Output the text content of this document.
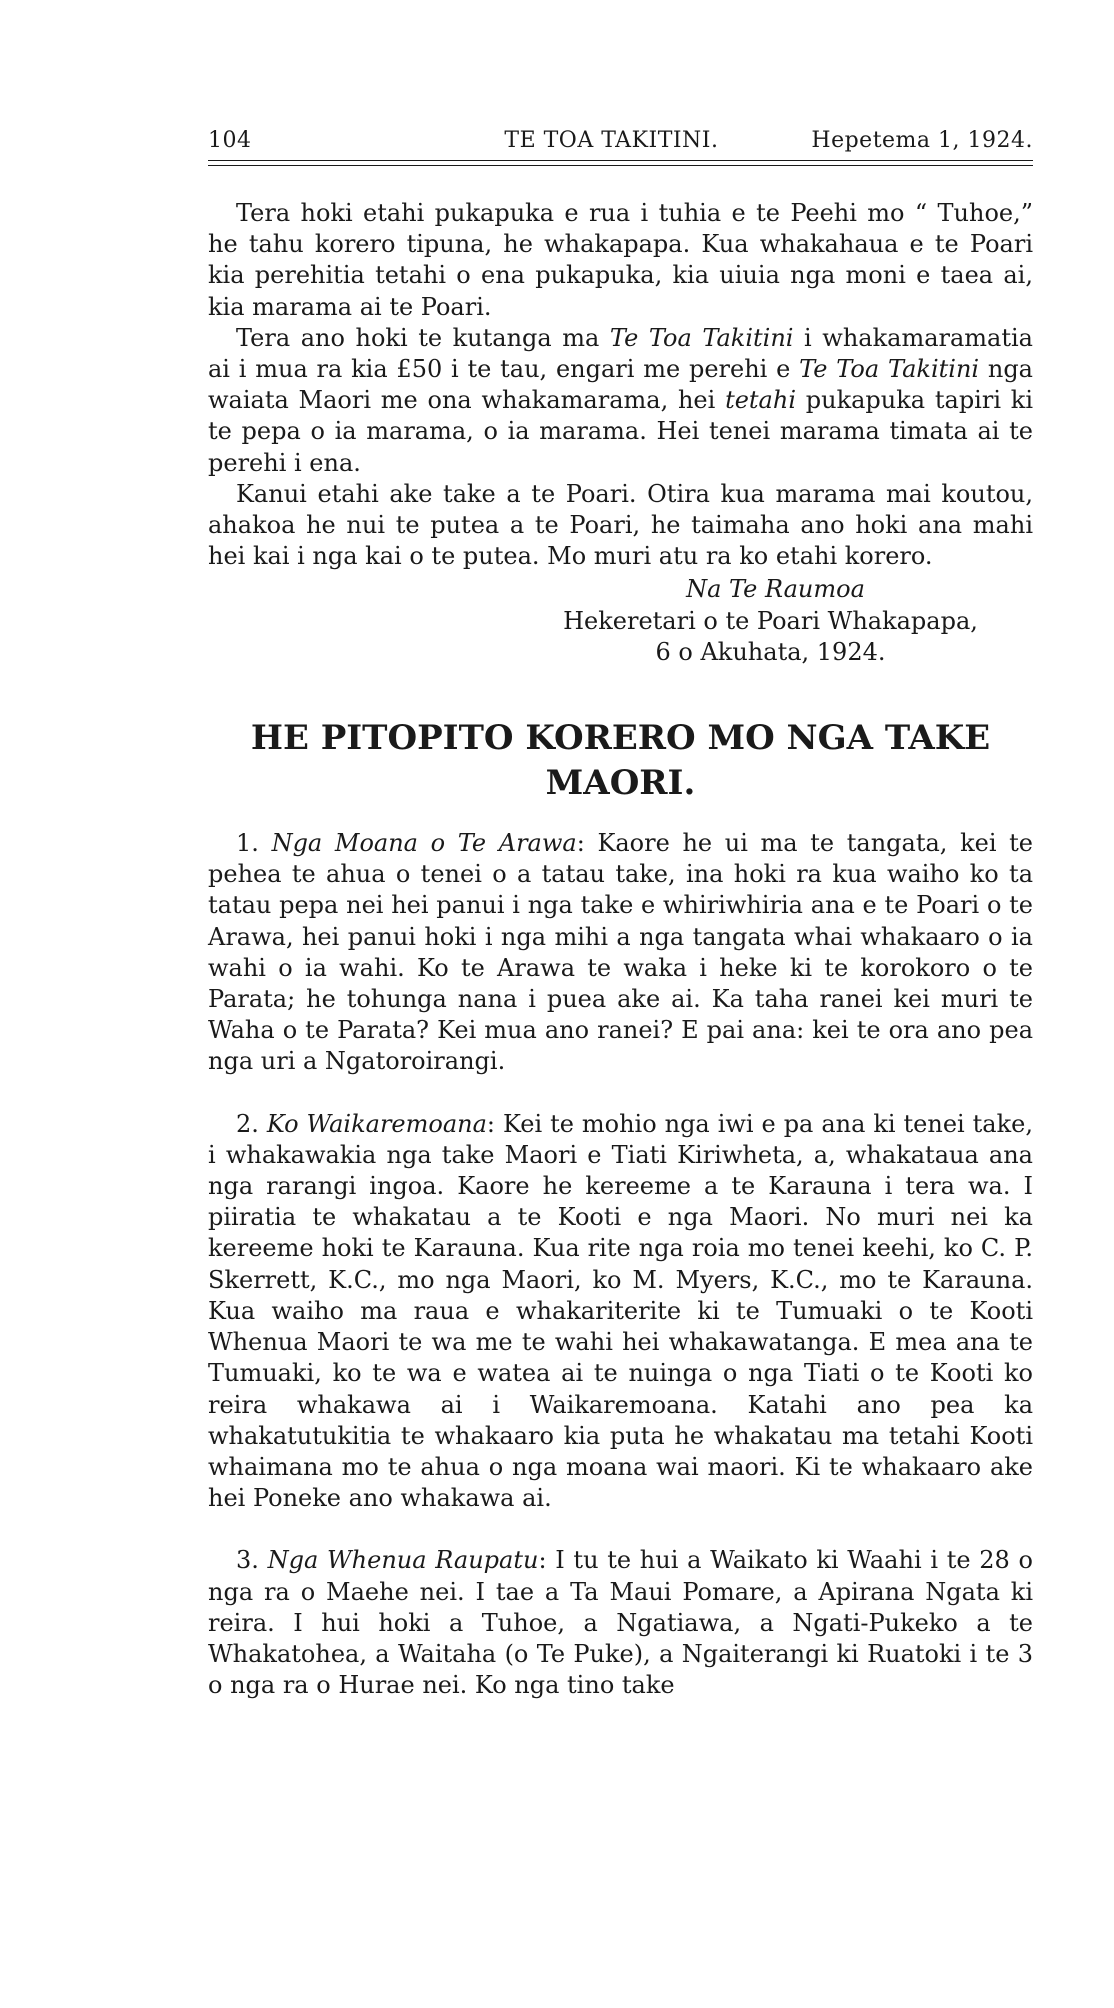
104	TE TOA TAKITINI.	Hepetema 1, 1924.

Tera hoki etahi pukapuka e rua i tuhia e te Peehi mo “ Tuhoe,” he tahu korero tipuna, he whakapapa. Kua whakahaua e te Poari kia perehitia tetahi o ena pukapuka, kia uiuia nga moni e taea ai, kia marama ai te Poari.

Tera ano hoki te kutanga ma Te Toa Takitini i whakamaramatia ai i mua ra kia £50 i te tau, engari me perehi e Te Toa Takitini nga waiata Maori me ona whakamarama, hei tetahi pukapuka tapiri ki te pepa o ia marama, o ia marama. Hei tenei marama timata ai te perehi i ena.

Kanui etahi ake take a te Poari. Otira kua marama mai koutou, ahakoa he nui te putea a te Poari, he taimaha ano hoki ana mahi hei kai i nga kai o te putea. Mo muri atu ra ko etahi korero.

Na Te Raumoa
Hekeretari o te Poari Whakapapa,
6 o Akuhata, 1924.
HE PITOPITO KORERO MO NGA TAKE MAORI.

1. Nga Moana o Te Arawa: Kaore he ui ma te tangata, kei te pehea te ahua o tenei o a tatau take, ina hoki ra kua waiho ko ta tatau pepa nei hei panui i nga take e whiriwhiria ana e te Poari o te Arawa, hei panui hoki i nga mihi a nga tangata whai whakaaro o ia wahi o ia wahi. Ko te Arawa te waka i heke ki te korokoro o te Parata; he tohunga nana i puea ake ai. Ka taha ranei kei muri te Waha o te Parata? Kei mua ano ranei? E pai ana: kei te ora ano pea nga uri a Ngatoroirangi.

2. Ko Waikaremoana: Kei te mohio nga iwi e pa ana ki tenei take, i whakawakia nga take Maori e Tiati Kiriwheta, a, whakataua ana nga rarangi ingoa. Kaore he kereeme a te Karauna i tera wa. I piiratia te whakatau a te Kooti e nga Maori. No muri nei ka kereeme hoki te Karauna. Kua rite nga roia mo tenei keehi, ko C. P. Skerrett, K.C., mo nga Maori, ko M. Myers, K.C., mo te Karauna. Kua waiho ma raua e whakariterite ki te Tumuaki o te Kooti Whenua Maori te wa me te wahi hei whakawatanga. E mea ana te Tumuaki, ko te wa e watea ai te nuinga o nga Tiati o te Kooti ko reira whakawa ai i Waikaremoana. Katahi ano pea ka whakatutukitia te whakaaro kia puta he whakatau ma tetahi Kooti whaimana mo te ahua o nga moana wai maori. Ki te whakaaro ake hei Poneke ano whakawa ai.

3. Nga Whenua Raupatu: I tu te hui a Waikato ki Waahi i te 28 o nga ra o Maehe nei. I tae a Ta Maui Pomare, a Apirana Ngata ki reira. I hui hoki a Tuhoe, a Ngatiawa, a Ngati-Pukeko a te Whakatohea, a Waitaha (o Te Puke), a Ngaiterangi ki Ruatoki i te 3 o nga ra o Hurae nei. Ko nga tino take
